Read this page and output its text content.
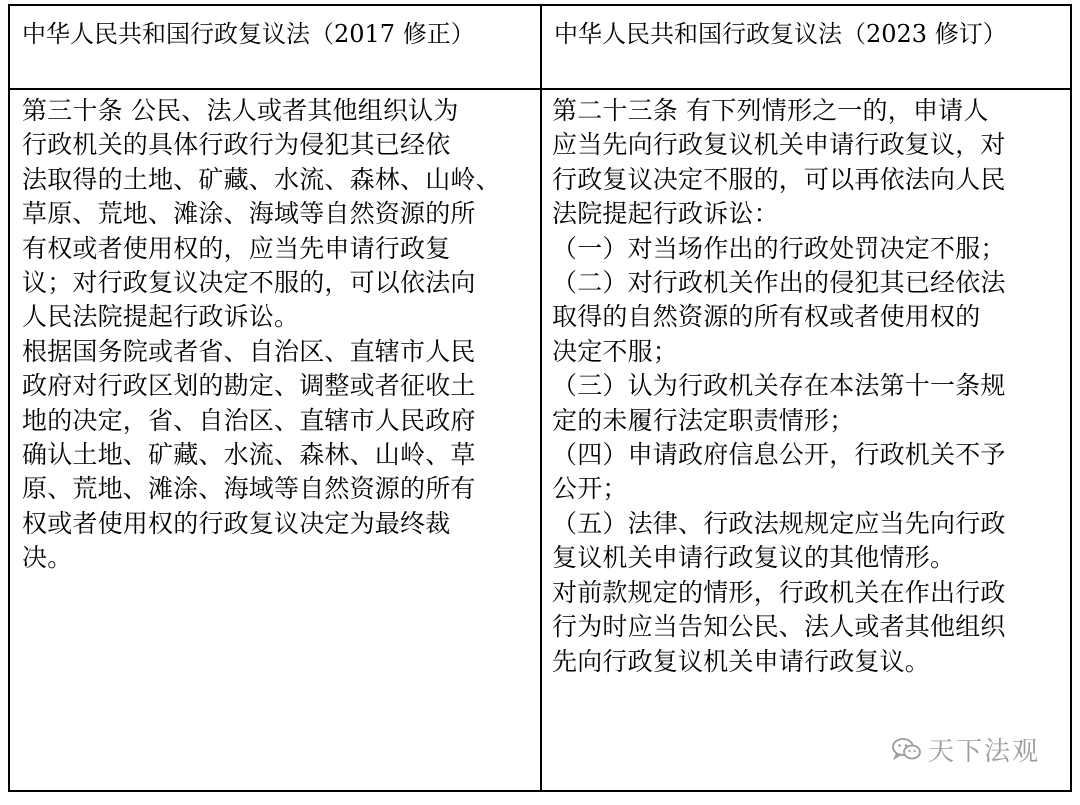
中华人民共和国行政复议法（2017 修正）	中华人民共和国行政复议法（2023 修订）
第三十条 公民、法人或者其他组织认为
行政机关的具体行政行为侵犯其已经依
法取得的土地、矿藏、水流、森林、山岭、
草原、荒地、滩涂、海域等自然资源的所
有权或者使用权的，应当先申请行政复
议；对行政复议决定不服的，可以依法向
人民法院提起行政诉讼。
根据国务院或者省、自治区、直辖市人民
政府对行政区划的勘定、调整或者征收土
地的决定，省、自治区、直辖市人民政府
确认土地、矿藏、水流、森林、山岭、草
原、荒地、滩涂、海域等自然资源的所有
权或者使用权的行政复议决定为最终裁
决。
第二十三条 有下列情形之一的，申请人
应当先向行政复议机关申请行政复议，对
行政复议决定不服的，可以再依法向人民
法院提起行政诉讼：
（一）对当场作出的行政处罚决定不服；
（二）对行政机关作出的侵犯其已经依法
取得的自然资源的所有权或者使用权的
决定不服；
（三）认为行政机关存在本法第十一条规
定的未履行法定职责情形；
（四）申请政府信息公开，行政机关不予
公开；
（五）法律、行政法规规定应当先向行政
复议机关申请行政复议的其他情形。
对前款规定的情形，行政机关在作出行政
行为时应当告知公民、法人或者其他组织
先向行政复议机关申请行政复议。
天下法观
